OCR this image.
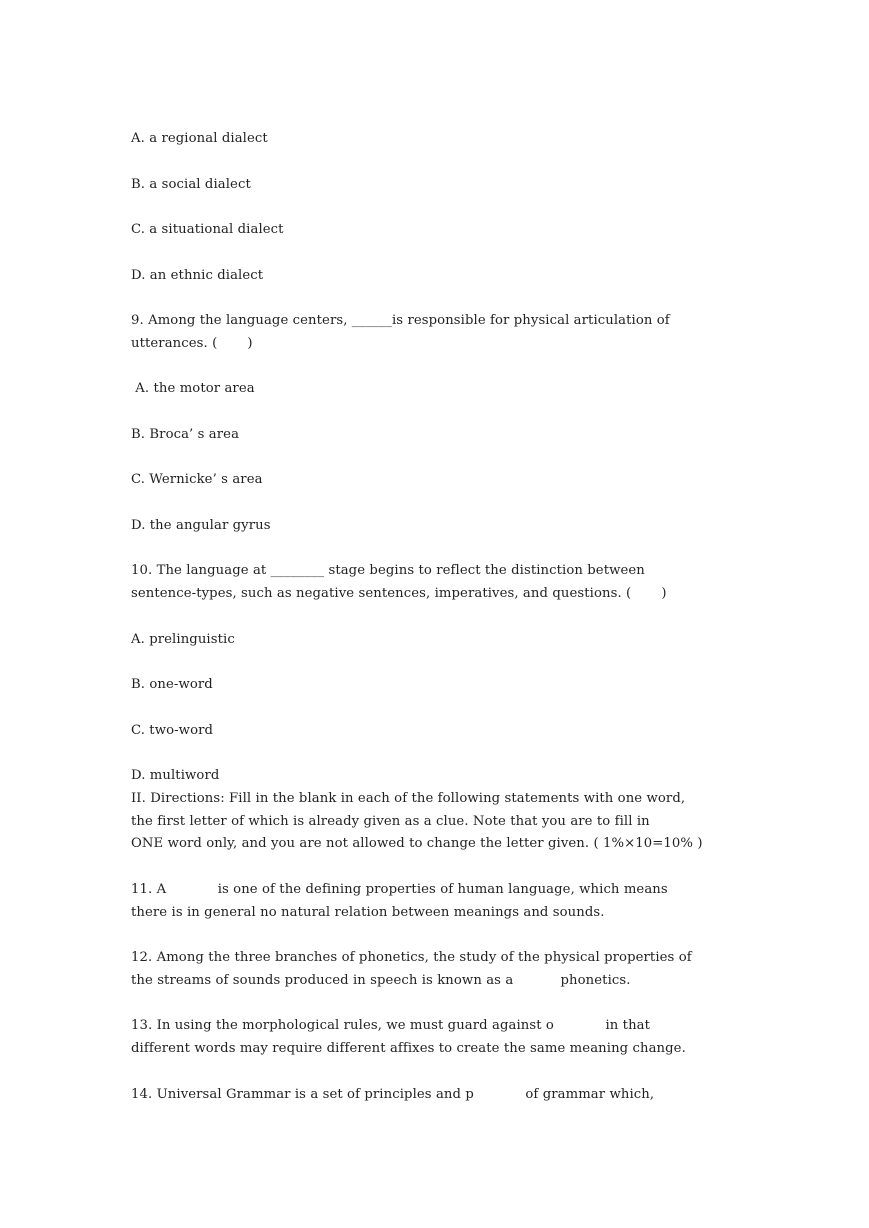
A. a regional dialect
B. a social dialect
C. a situational dialect
D. an ethnic dialect
9. Among the language centers, ______is responsible for physical articulation of
utterances. (       )
A. the motor area
B. Broca’ s area
C. Wernicke’ s area
D. the angular gyrus
10. The language at ________ stage begins to reflect the distinction between
sentence-types, such as negative sentences, imperatives, and questions. (       )
A. prelinguistic
B. one-word
C. two-word
D. multiword
II. Directions: Fill in the blank in each of the following statements with one word,
the first letter of which is already given as a clue. Note that you are to fill in
ONE word only, and you are not allowed to change the letter given. ( 1%×10=10% )
11. A            is one of the defining properties of human language, which means
there is in general no natural relation between meanings and sounds.
12. Among the three branches of phonetics, the study of the physical properties of
the streams of sounds produced in speech is known as a           phonetics.
13. In using the morphological rules, we must guard against o            in that
different words may require different affixes to create the same meaning change.
14. Universal Grammar is a set of principles and p            of grammar which,
